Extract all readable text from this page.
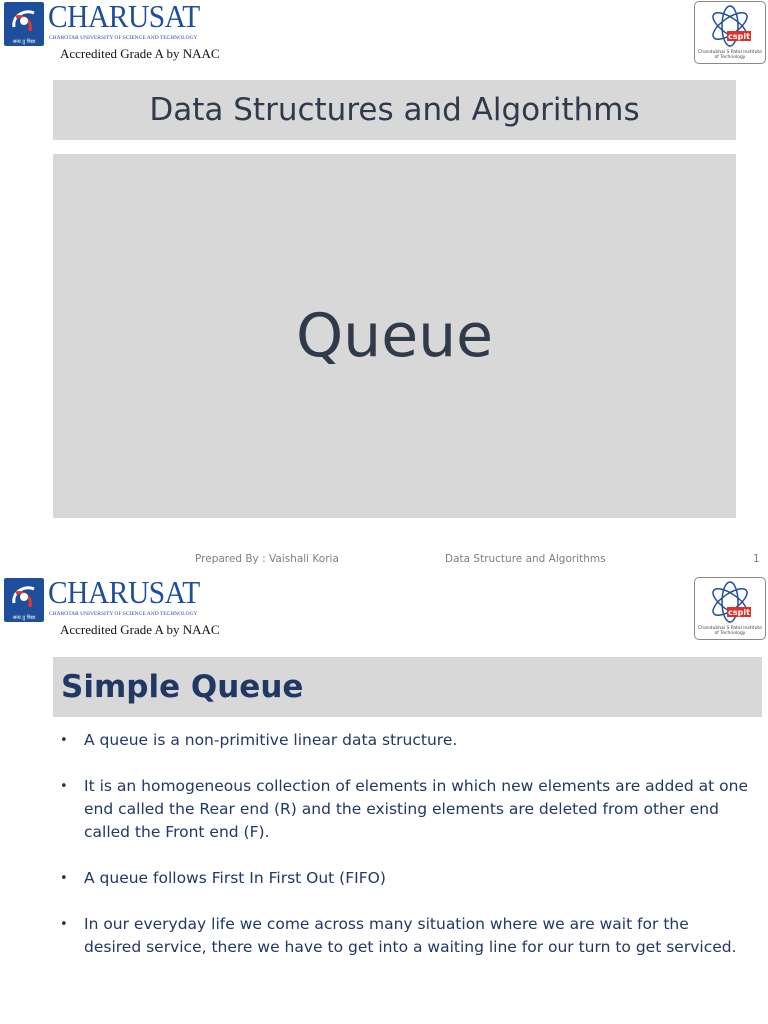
सत्यं तु विद्या
CHARUSAT
CHAROTAR UNIVERSITY OF SCIENCE AND TECHNOLOGY
Accredited Grade A by NAAC
cspit
Chandubhai S Patel Institute of Technology
Data Structures and Algorithms
Queue
Prepared By : Vaishali Koria	Data Structure and Algorithms	1
सत्यं तु विद्या
CHARUSAT
CHAROTAR UNIVERSITY OF SCIENCE AND TECHNOLOGY
Accredited Grade A by NAAC
cspit
Chandubhai S Patel Institute of Technology
Simple Queue
• A queue is a non-primitive linear data structure.
• It is an homogeneous collection of elements in which new elements are added at one end called the Rear end (R) and the existing elements are deleted from other end called the Front end (F).
• A queue follows First In First Out (FIFO)
• In our everyday life we come across many situation where we are wait for the desired service, there we have to get into a waiting line for our turn to get serviced.
